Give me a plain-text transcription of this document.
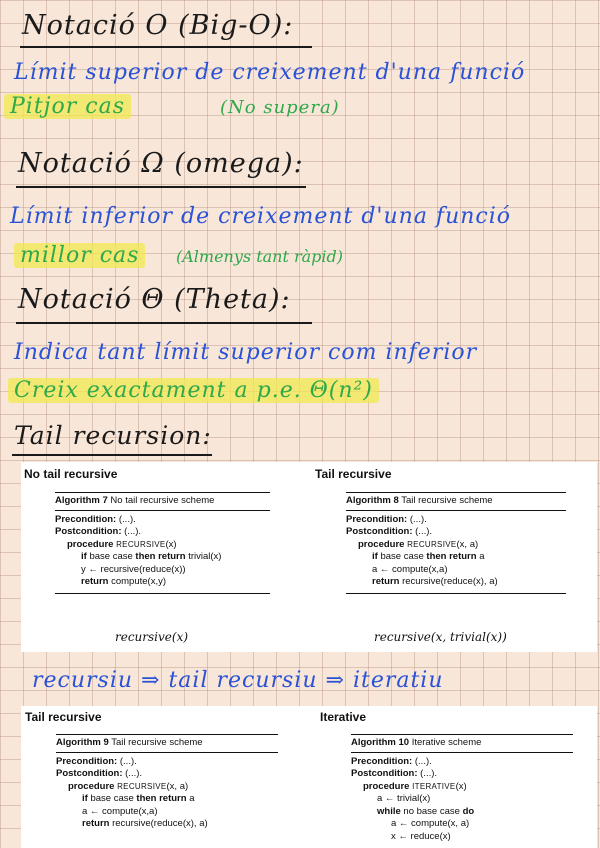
Notació O (Big-O):
Límit superior de creixement d'una funció
Pitjor cas	(No supera)
Notació Ω (omega):
Límit inferior de creixement d'una funció
millor cas	(Almenys tant ràpid)
Notació Θ (Theta):
Indica tant límit superior com inferior
Creix exactament a p.e. Θ(n²)
Tail recursion:
No tail recursive
Algorithm 7 No tail recursive scheme
Precondition: (...).
Postcondition: (...).
procedure RECURSIVE(x)
if base case then return trivial(x)
y ← recursive(reduce(x))
return compute(x,y)
recursive(x)
Tail recursive
Algorithm 8 Tail recursive scheme
Precondition: (...).
Postcondition: (...).
procedure RECURSIVE(x, a)
if base case then return a
a ← compute(x,a)
return recursive(reduce(x), a)
recursive(x, trivial(x))
recursiu ⇒ tail recursiu ⇒ iteratiu
Tail recursive
Algorithm 9 Tail recursive scheme
Precondition: (...).
Postcondition: (...).
procedure RECURSIVE(x, a)
if base case then return a
a ← compute(x,a)
return recursive(reduce(x), a)
Iterative
Algorithm 10 Iterative scheme
Precondition: (...).
Postcondition: (...).
procedure ITERATIVE(x)
a ← trivial(x)
while no base case do
a ← compute(x, a)
x ← reduce(x)
